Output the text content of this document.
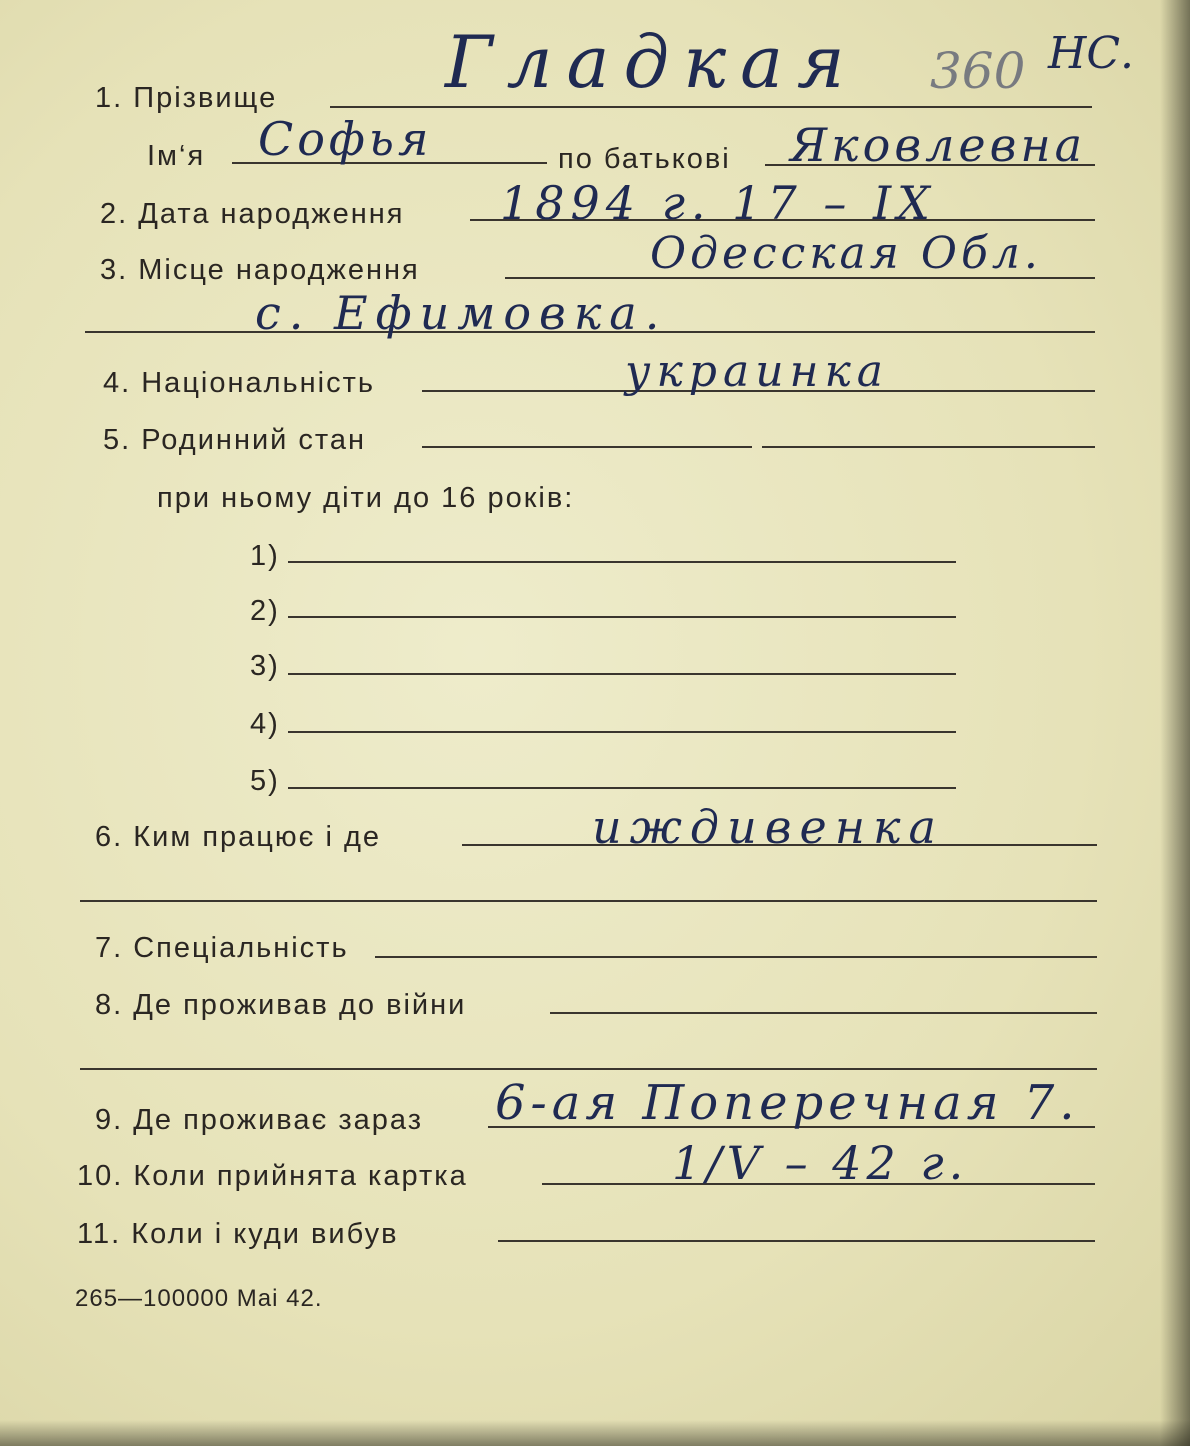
1. Прізвище
Ім‘я	по батькові
2. Дата народження
3. Місце народження
4. Національність
5. Родинний стан
при ньому діти до 16 років:
1)
2)
3)
4)
5)
6. Ким працює і де
7. Спеціальність
8. Де проживав до війни
9. Де проживає зараз
10. Коли прийнята картка
11. Коли і куди вибув
265—100000 Mai 42.
Гладкая 360 НС.
Софья	Яковлевна
1894 г. 17 – IX
Одесская Обл.
с. Ефимовка.
украинка
иждивенка
6-ая Поперечная 7.
1/V – 42 г.
